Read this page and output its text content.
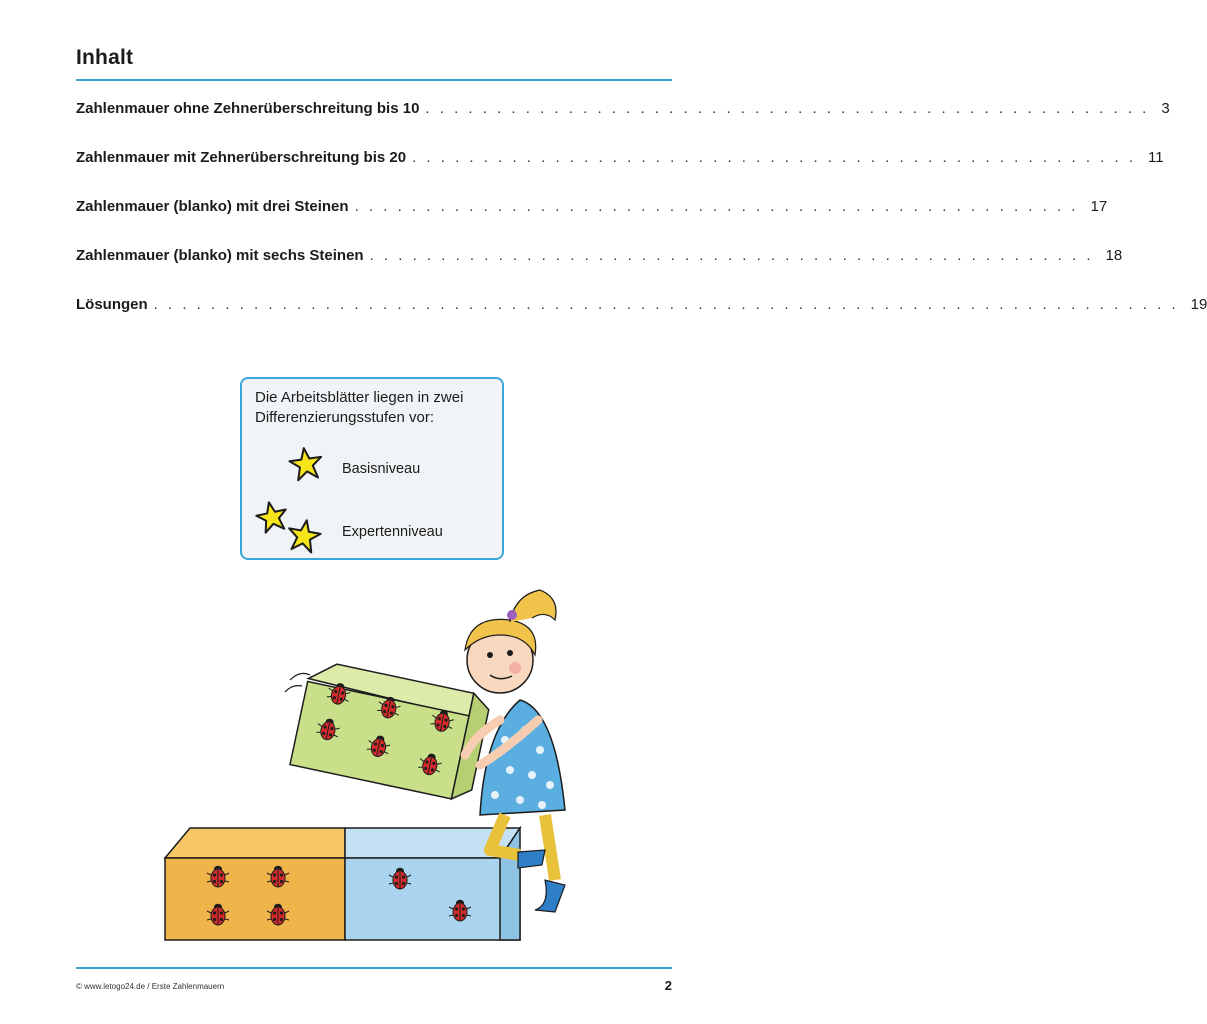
Inhalt
Zahlenmauer ohne Zehnerüberschreitung bis 10 . . . . . . . . . . . . . . . . . . . . . . . . . . . . . . . . . . . . . . . . . . . . . . . . . . . 3
Zahlenmauer mit Zehnerüberschreitung bis 20 . . . . . . . . . . . . . . . . . . . . . . . . . . . . . . . . . . . . . . . . . . . . . . . . . . . 11
Zahlenmauer (blanko) mit drei Steinen . . . . . . . . . . . . . . . . . . . . . . . . . . . . . . . . . . . . . . . . . . . . . . . . . . . 17
Zahlenmauer (blanko) mit sechs Steinen . . . . . . . . . . . . . . . . . . . . . . . . . . . . . . . . . . . . . . . . . . . . . . . . . . . 18
Lösungen . . . . . . . . . . . . . . . . . . . . . . . . . . . . . . . . . . . . . . . . . . . . . . . . . . . . . . . . . . . . . . . . . . . . . . . . 19
Die Arbeitsblätter liegen in zwei Differenzierungsstufen vor:
Basisniveau
Expertenniveau
© www.letogo24.de / Erste Zahlenmauern	2
